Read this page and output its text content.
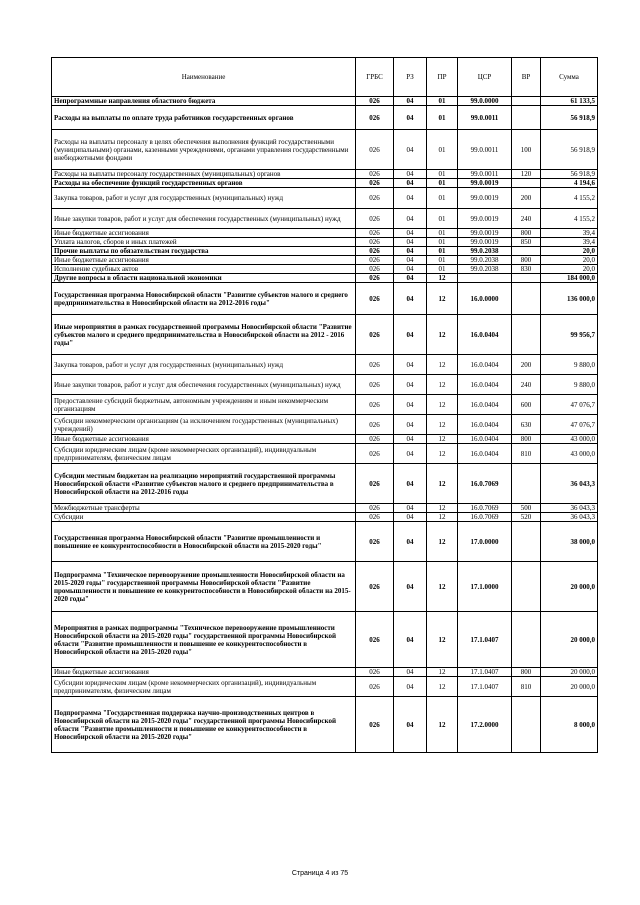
Наименование	ГРБС	РЗ	ПР	ЦСР	ВР	Сумма
Непрограммные направления областного бюджета	026	04	01	99.0.0000		61 133,5
Расходы на выплаты по оплате труда работников государственных органов	026	04	01	99.0.0011		56 918,9
Расходы на выплаты персоналу в целях обеспечения выполнения функций государственными (муниципальными) органами, казенными учреждениями, органами управления государственными внебюджетными фондами	026	04	01	99.0.0011	100	56 918,9
Расходы на выплаты персоналу государственных (муниципальных) органов	026	04	01	99.0.0011	120	56 918,9
Расходы на обеспечение функций государственных органов	026	04	01	99.0.0019		4 194,6
Закупка товаров, работ и услуг для государственных (муниципальных) нужд	026	04	01	99.0.0019	200	4 155,2
Иные закупки товаров, работ и услуг для обеспечения государственных (муниципальных) нужд	026	04	01	99.0.0019	240	4 155,2
Иные бюджетные ассигнования	026	04	01	99.0.0019	800	39,4
Уплата налогов, сборов и иных платежей	026	04	01	99.0.0019	850	39,4
Прочие выплаты по обязательствам государства	026	04	01	99.0.2038		20,0
Иные бюджетные ассигнования	026	04	01	99.0.2038	800	20,0
Исполнение судебных актов	026	04	01	99.0.2038	830	20,0
Другие вопросы в области национальной экономики	026	04	12			184 000,0
Государственная программа Новосибирской области "Развитие субъектов малого и среднего предпринимательства в Новосибирской области на 2012-2016 годы"	026	04	12	16.0.0000		136 000,0
Иные мероприятия в рамках государственной программы Новосибирской области "Развитие субъектов малого и среднего предпринимательства в Новосибирской области на 2012 - 2016 годы"	026	04	12	16.0.0404		99 956,7
Закупка товаров, работ и услуг для государственных (муниципальных) нужд	026	04	12	16.0.0404	200	9 880,0
Иные закупки товаров, работ и услуг для обеспечения государственных (муниципальных) нужд	026	04	12	16.0.0404	240	9 880,0
Предоставление субсидий бюджетным, автономным учреждениям и иным некоммерческим организациям	026	04	12	16.0.0404	600	47 076,7
Субсидии некоммерческим организациям (за исключением государственных (муниципальных) учреждений)	026	04	12	16.0.0404	630	47 076,7
Иные бюджетные ассигнования	026	04	12	16.0.0404	800	43 000,0
Субсидии юридическим лицам (кроме некоммерческих организаций), индивидуальным предпринимателям, физическим лицам	026	04	12	16.0.0404	810	43 000,0
Субсидии местным бюджетам на реализацию мероприятий государственной программы Новосибирской области «Развитие субъектов малого и среднего предпринимательства в Новосибирской области на 2012-2016 годы	026	04	12	16.0.7069		36 043,3
Межбюджетные трансферты	026	04	12	16.0.7069	500	36 043,3
Субсидии	026	04	12	16.0.7069	520	36 043,3
Государственная программа Новосибирской области "Развитие промышленности и повышение ее конкурентоспособности в Новосибирской области на 2015-2020 годы"	026	04	12	17.0.0000		38 000,0
Подпрограмма "Техническое перевооружение промышленности Новосибирской области на 2015-2020 годы" государственной программы Новосибирской области "Развитие промышленности и повышение ее конкурентоспособности в Новосибирской области на 2015-2020 годы"	026	04	12	17.1.0000		20 000,0
Мероприятия в рамках подпрограммы "Техническое перевооружение промышленности Новосибирской области на 2015-2020 годы" государственной программы Новосибирской области "Развитие промышленности и повышение ее конкурентоспособности в Новосибирской области на 2015-2020 годы"	026	04	12	17.1.0407		20 000,0
Иные бюджетные ассигнования	026	04	12	17.1.0407	800	20 000,0
Субсидии юридическим лицам (кроме некоммерческих организаций), индивидуальным предпринимателям, физическим лицам	026	04	12	17.1.0407	810	20 000,0
Подпрограмма "Государственная поддержка научно-производственных центров в Новосибирской области на 2015-2020 годы" государственной программы Новосибирской области "Развитие промышленности и повышение ее конкурентоспособности в Новосибирской области на 2015-2020 годы"	026	04	12	17.2.0000		8 000,0
Страница 4 из 75
